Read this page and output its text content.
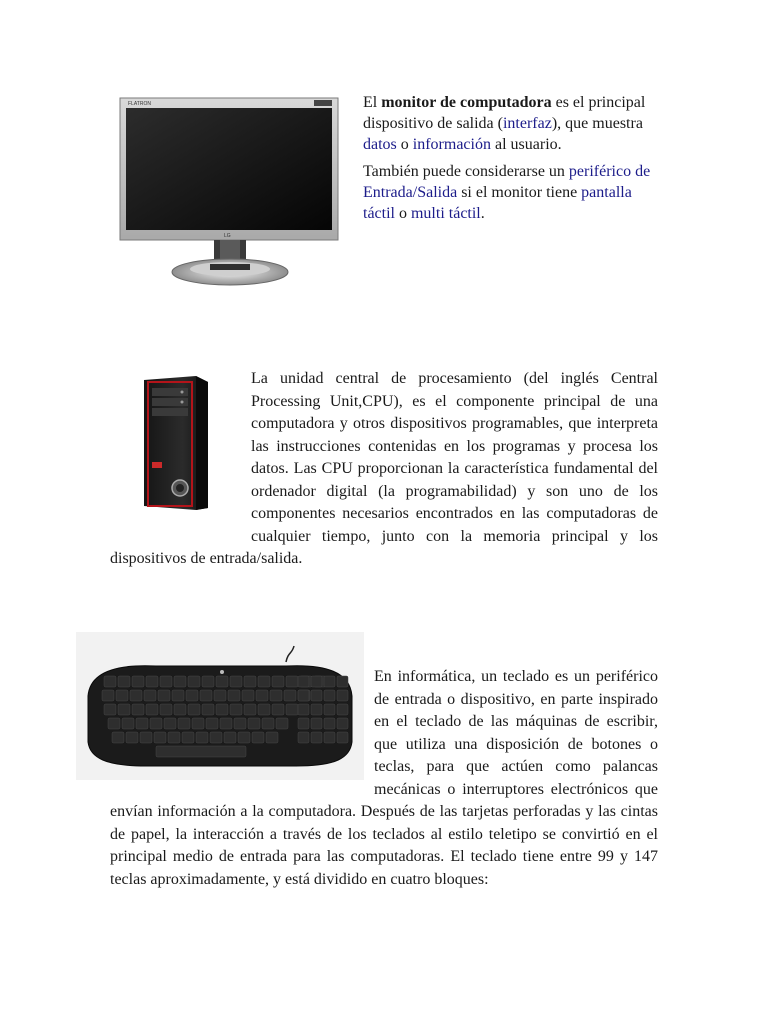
FLATRON
LG

El monitor de computadora es el principal dispositivo de salida (interfaz), que muestra datos o información al usuario.

También puede considerarse un periférico de Entrada/Salida si el monitor tiene pantalla táctil o multi táctil.

La unidad central de procesamiento (del inglés Central Processing Unit,CPU), es el componente principal de una computadora y otros dispositivos programables, que interpreta las instrucciones contenidas en los programas y procesa los datos. Las CPU proporcionan la característica fundamental del ordenador digital (la programabilidad) y son uno de los componentes necesarios encontrados en las computadoras de cualquier tiempo, junto con la memoria principal y los dispositivos de entrada/salida.

En informática, un teclado es un periférico de entrada o dispositivo, en parte inspirado en el teclado de las máquinas de escribir, que utiliza una disposición de botones o teclas, para que actúen como palancas mecánicas o interruptores electrónicos que envían información a la computadora. Después de las tarjetas perforadas y las cintas de papel, la interacción a través de los teclados al estilo teletipo se convirtió en el principal medio de entrada para las computadoras. El teclado tiene entre 99 y 147 teclas aproximadamente, y está dividido en cuatro bloques:
